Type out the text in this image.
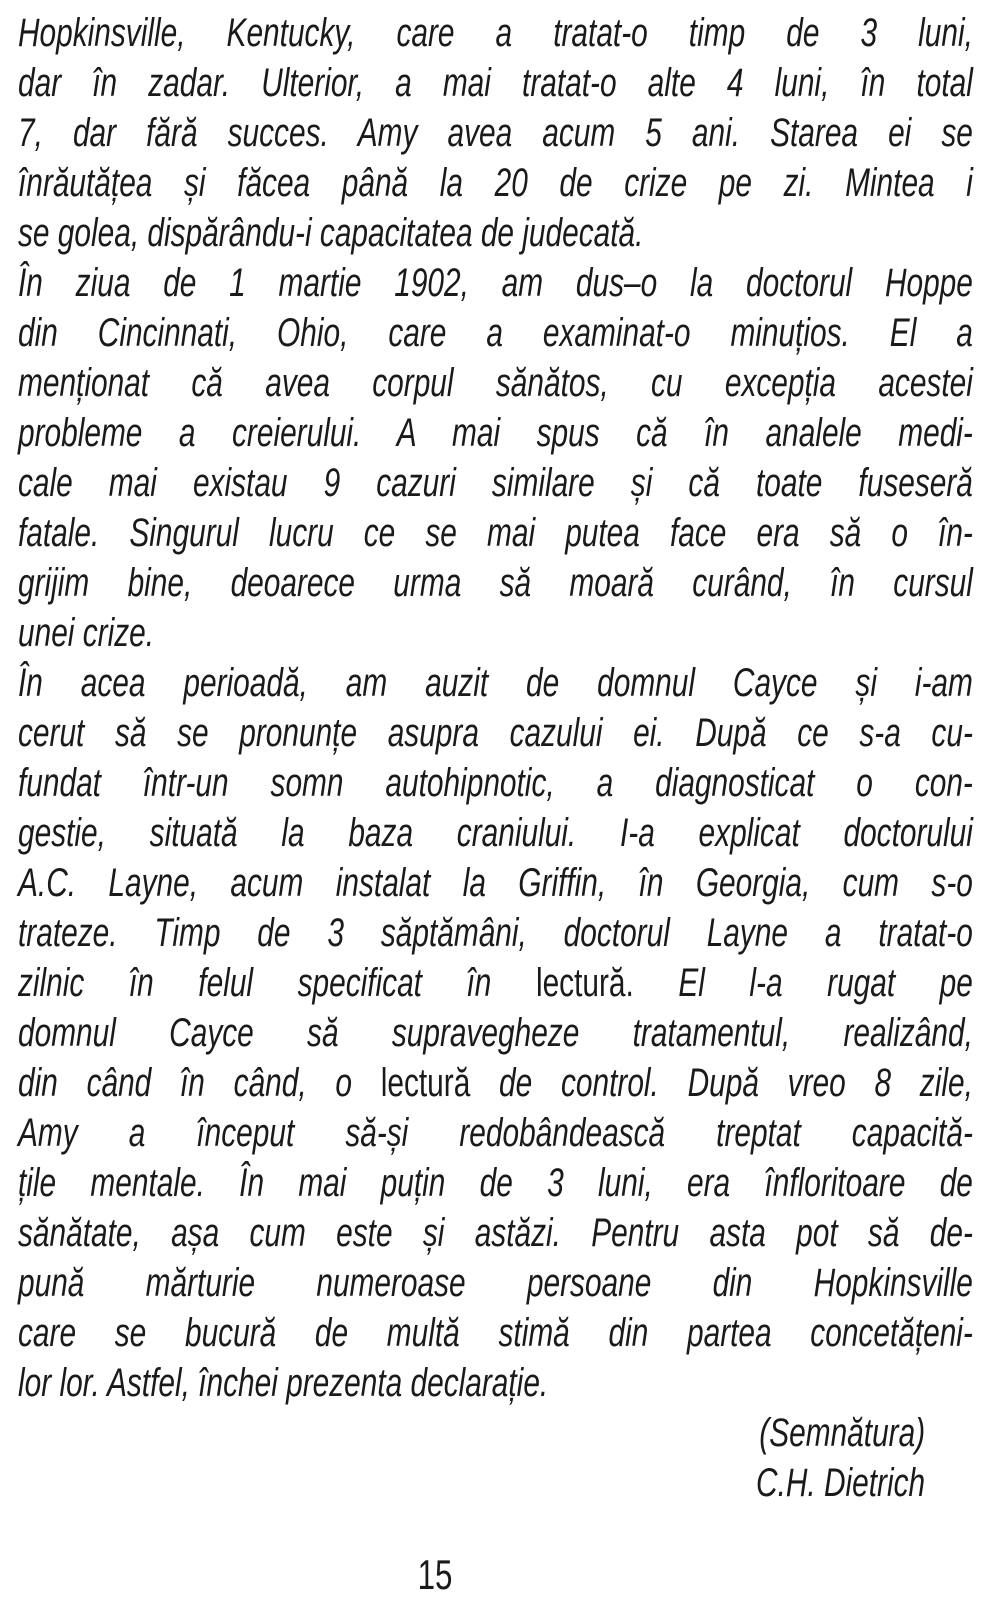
Hopkinsville, Kentucky, care a tratat-o timp de 3 luni,
dar în zadar. Ulterior, a mai tratat-o alte 4 luni, în total
7, dar fără succes. Amy avea acum 5 ani. Starea ei se
înrăutățea și făcea până la 20 de crize pe zi. Mintea i
se golea, dispărându-i capacitatea de judecată.
În ziua de 1 martie 1902, am dus–o la doctorul Hoppe
din Cincinnati, Ohio, care a examinat-o minuțios. El a
menționat că avea corpul sănătos, cu excepția acestei
probleme a creierului. A mai spus că în analele medi-
cale mai existau 9 cazuri similare și că toate fuseseră
fatale. Singurul lucru ce se mai putea face era să o în-
grijim bine, deoarece urma să moară curând, în cursul
unei crize.
În acea perioadă, am auzit de domnul Cayce și i-am
cerut să se pronunțe asupra cazului ei. După ce s-a cu-
fundat într-un somn autohipnotic, a diagnosticat o con-
gestie, situată la baza craniului. I-a explicat doctorului
A.C. Layne, acum instalat la Griffin, în Georgia, cum s-o
trateze. Timp de 3 săptămâni, doctorul Layne a tratat-o
zilnic în felul specificat în lectură. El l-a rugat pe
domnul Cayce să supravegheze tratamentul, realizând,
din când în când, o lectură de control. După vreo 8 zile,
Amy a început să-și redobândească treptat capacită-
țile mentale. În mai puțin de 3 luni, era înfloritoare de
sănătate, așa cum este și astăzi. Pentru asta pot să de-
pună mărturie numeroase persoane din Hopkinsville
care se bucură de multă stimă din partea concetățeni-
lor lor. Astfel, închei prezenta declarație.
(Semnătura)
C.H. Dietrich
15
